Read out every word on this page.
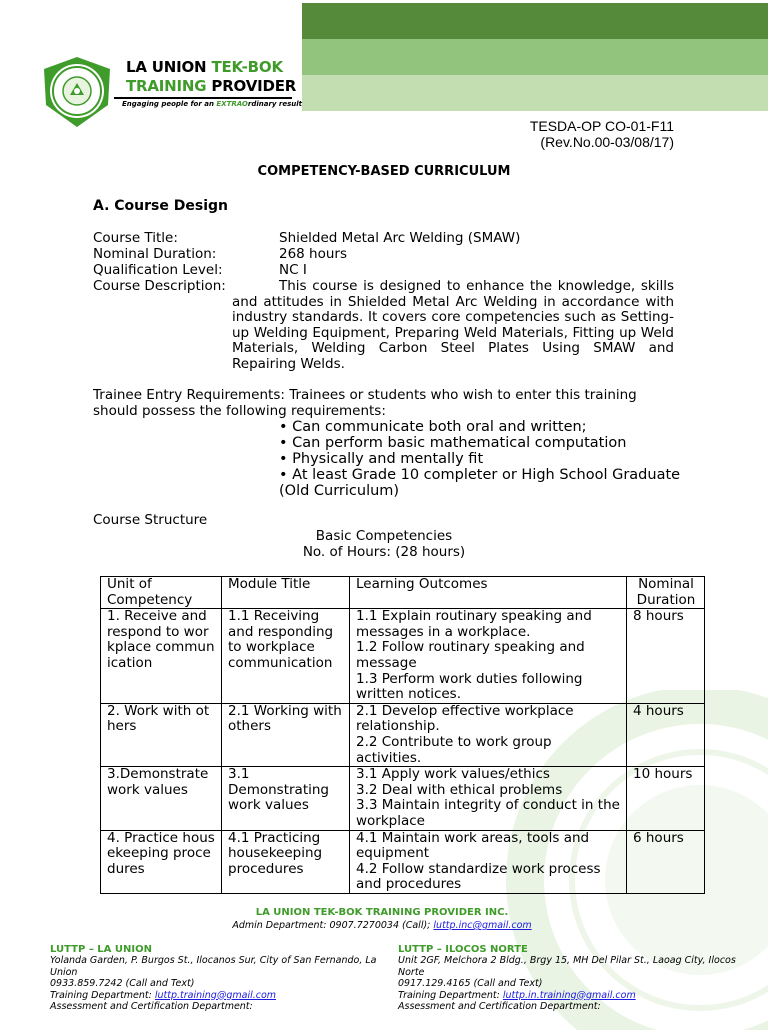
LA UNION TEK-BOK
TRAINING PROVIDER
Engaging people for an EXTRAOrdinary result
TESDA-OP CO-01-F11
(Rev.No.00-03/08/17)
COMPETENCY-BASED CURRICULUM
A. Course Design
Course Title:	Shielded Metal Arc Welding (SMAW)
Nominal Duration:	268 hours
Qualification Level:	NC I
Course Description:	This course is designed to enhance the knowledge, skills and attitudes in Shielded Metal Arc Welding in accordance with industry standards. It covers core competencies such as Setting-up Welding Equipment, Preparing Weld Materials, Fitting up Weld Materials, Welding Carbon Steel Plates Using SMAW and Repairing Welds.
Trainee Entry Requirements: Trainees or students who wish to enter this training should possess the following requirements:
• Can communicate both oral and written;
• Can perform basic mathematical computation
• Physically and mentally fit
• At least Grade 10 completer or High School Graduate (Old Curriculum)
Course Structure
Basic Competencies
No. of Hours: (28 hours)
Unit of Competency	Module Title	Learning Outcomes	Nominal Duration
1. Receive and respond to workplace communication	1.1 Receiving and responding to workplace communication	1.1 Explain routinary speaking and messages in a workplace.
1.2 Follow routinary speaking and message
1.3 Perform work duties following written notices.	8 hours
2. Work with others	2.1 Working with others	2.1 Develop effective workplace relationship.
2.2 Contribute to work group activities.	4 hours
3.Demonstrate work values	3.1 Demonstrating work values	3.1 Apply work values/ethics
3.2 Deal with ethical problems
3.3 Maintain integrity of conduct in the workplace	10 hours
4. Practice housekeeping procedures	4.1 Practicing housekeeping procedures	4.1 Maintain work areas, tools and equipment
4.2 Follow standardize work process and procedures	6 hours
LA UNION TEK-BOK TRAINING PROVIDER INC.
Admin Department: 0907.7270034 (Call); luttp.inc@gmail.com
LUTTP – LA UNION
Yolanda Garden, P. Burgos St., Ilocanos Sur, City of San Fernando, La Union
0933.859.7242 (Call and Text)
Training Department: luttp.training@gmail.com
Assessment and Certification Department:
LUTTP – ILOCOS NORTE
Unit 2GF, Melchora 2 Bldg., Brgy 15, MH Del Pilar St., Laoag City, Ilocos Norte
0917.129.4165 (Call and Text)
Training Department: luttp.in.training@gmail.com
Assessment and Certification Department:
